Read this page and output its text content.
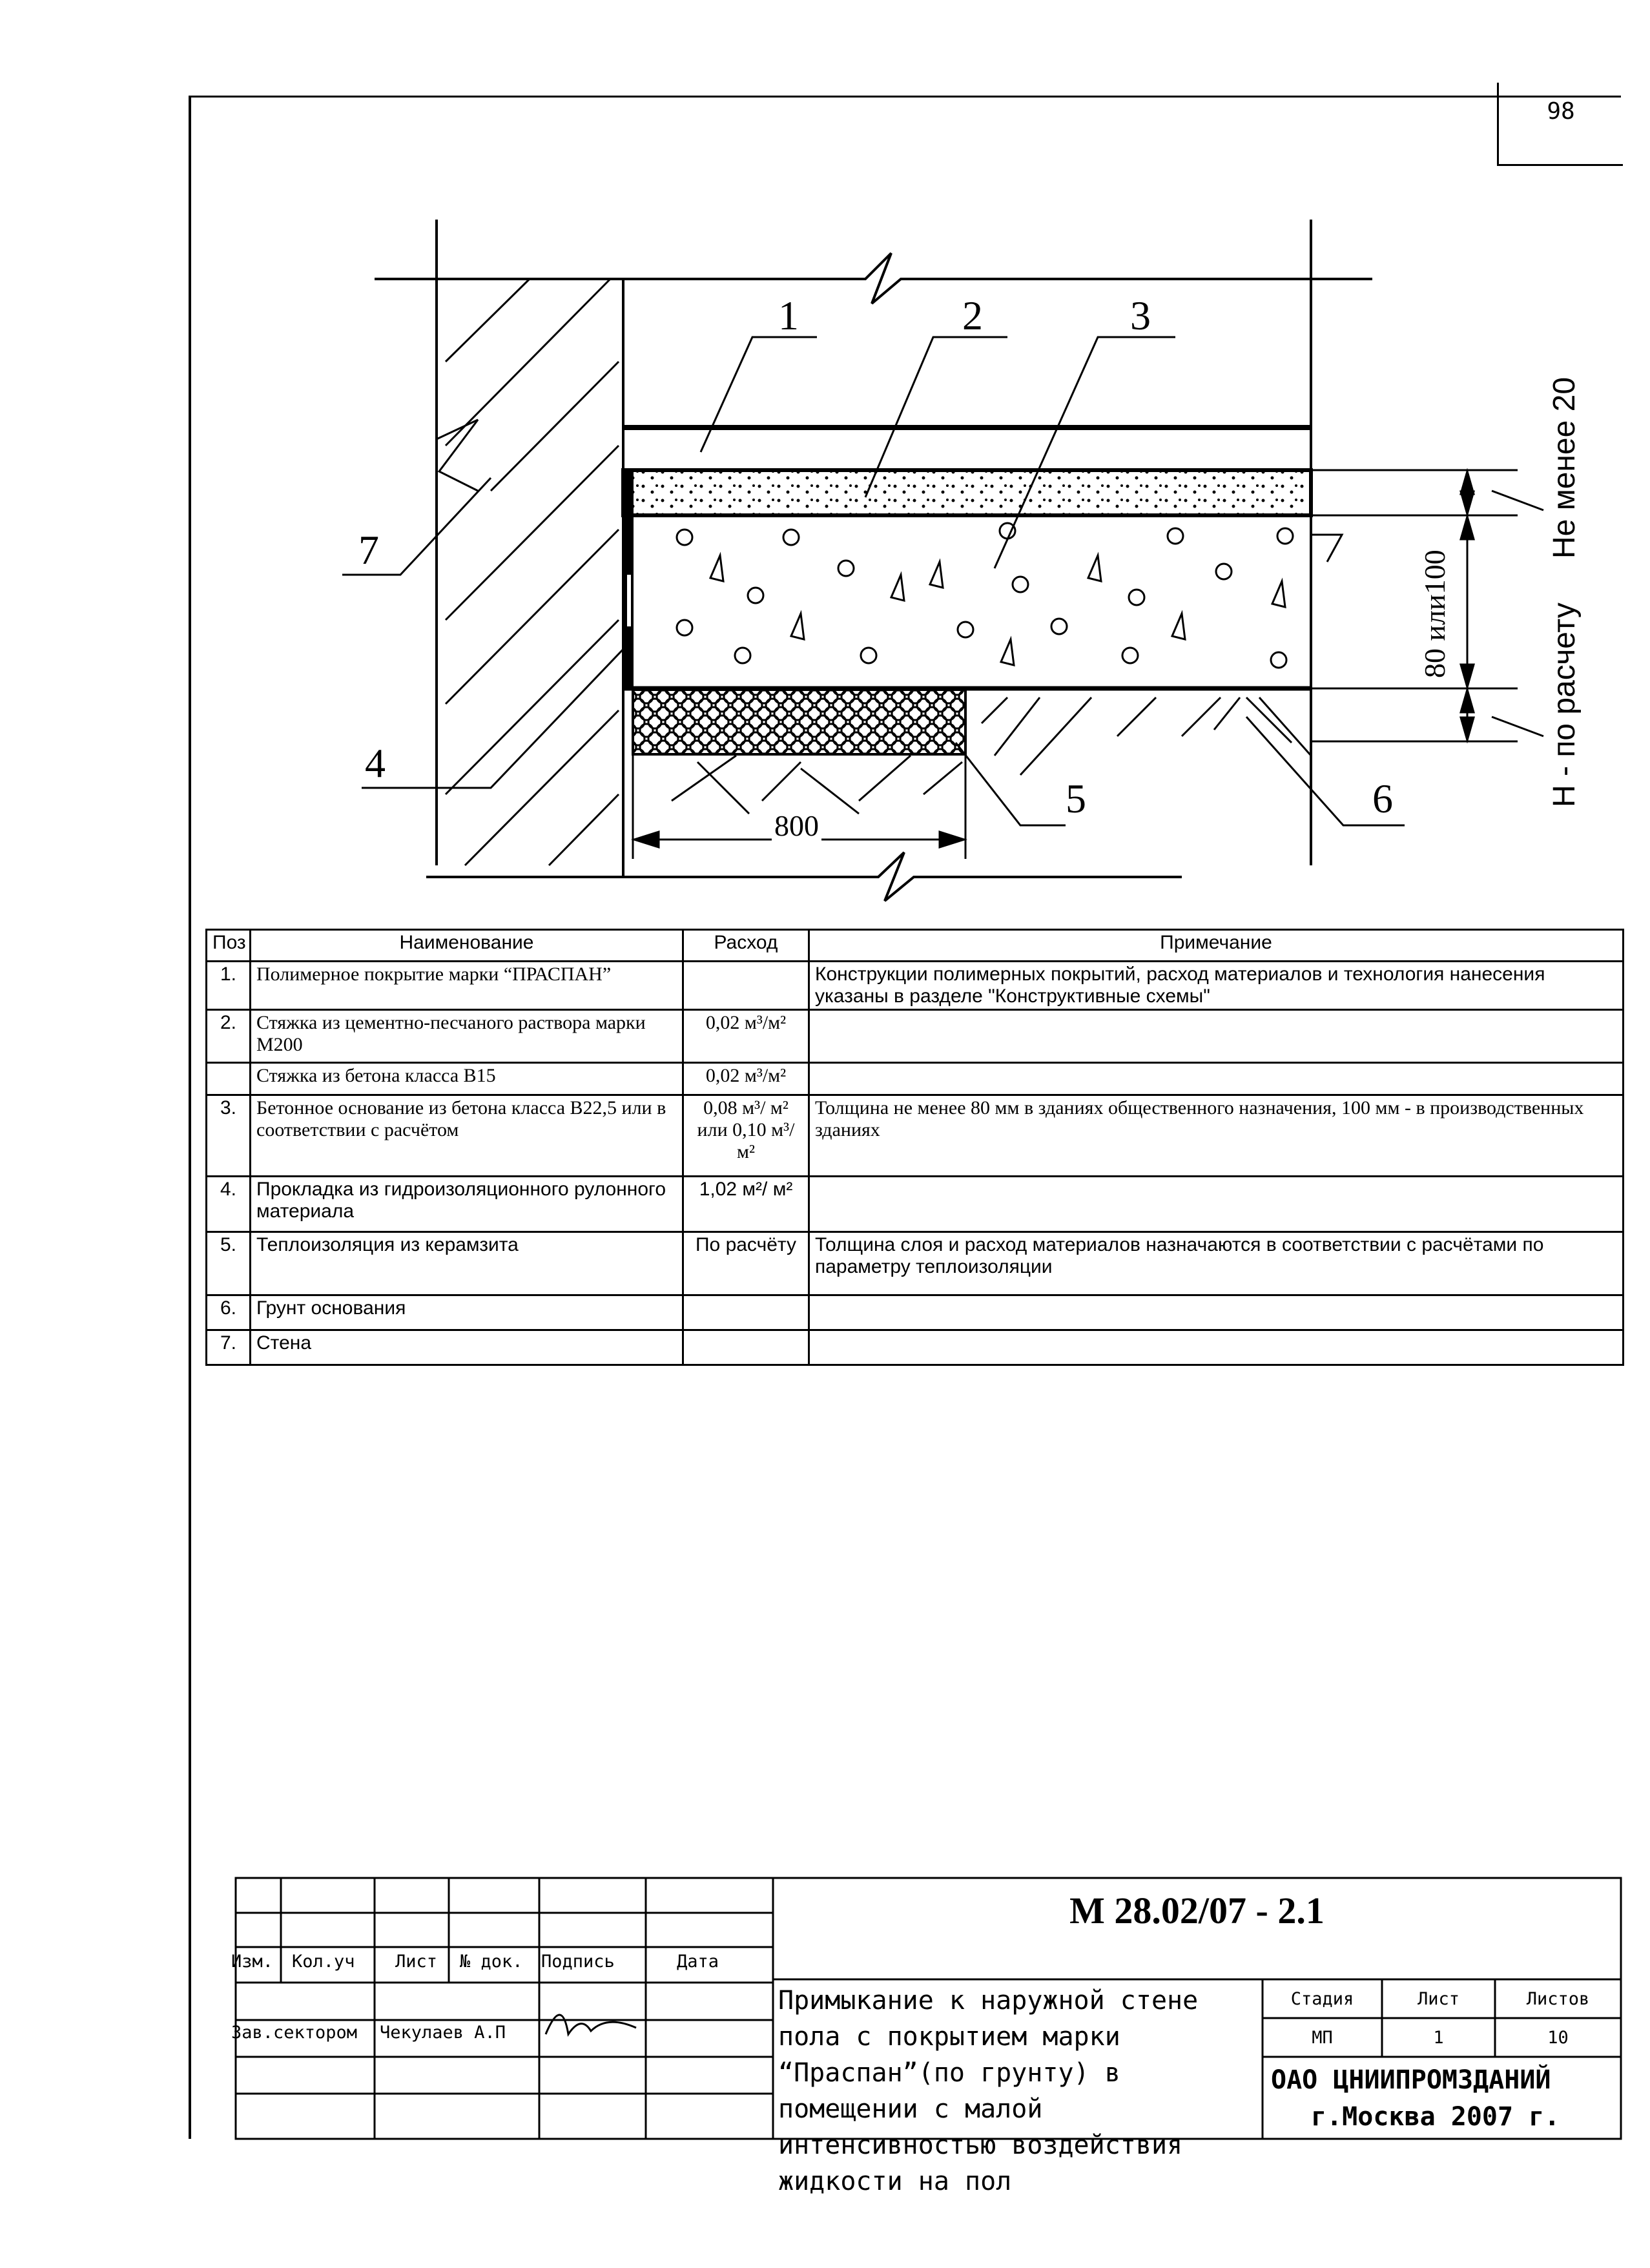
98
1	2	3
7
4
5	6
800
80 или100
Не менее 20
Н - по расчету
Поз	Наименование	Расход	Примечание
1.	Полимерное покрытие марки “ПРАСПАН”		Конструкции полимерных покрытий, расход материалов и технология нанесения указаны в разделе "Конструктивные схемы"
2.	Стяжка из цементно-песчаного раствора марки М200	0,02 м³/м²	
	Стяжка из бетона класса В15	0,02 м³/м²	
3.	Бетонное основание из бетона класса В22,5 или в соответствии с расчётом	0,08 м³/ м² или 0,10 м³/ м²	Толщина не менее 80 мм в зданиях общественного назначения, 100 мм - в производственных зданиях
4.	Прокладка из гидроизоляционного рулонного материала	1,02 м²/ м²	
5.	Теплоизоляция из керамзита	По расчёту	Толщина слоя и расход материалов назначаются в соответствии с расчётами по параметру теплоизоляции
6.	Грунт основания		
7.	Стена		
М 28.02/07 - 2.1
Изм. Кол.уч Лист № док. Подпись	Дата
Зав.сектором Чекулаев А.П
Примыкание к наружной стене пола с покрытием марки “Праспан”(по грунту) в помещении с малой интенсивностью воздействия жидкости на пол
Стадия	Лист	Листов
МП	1	10
ОАО ЦНИИПРОМЗДАНИЙ
г.Москва 2007 г.
